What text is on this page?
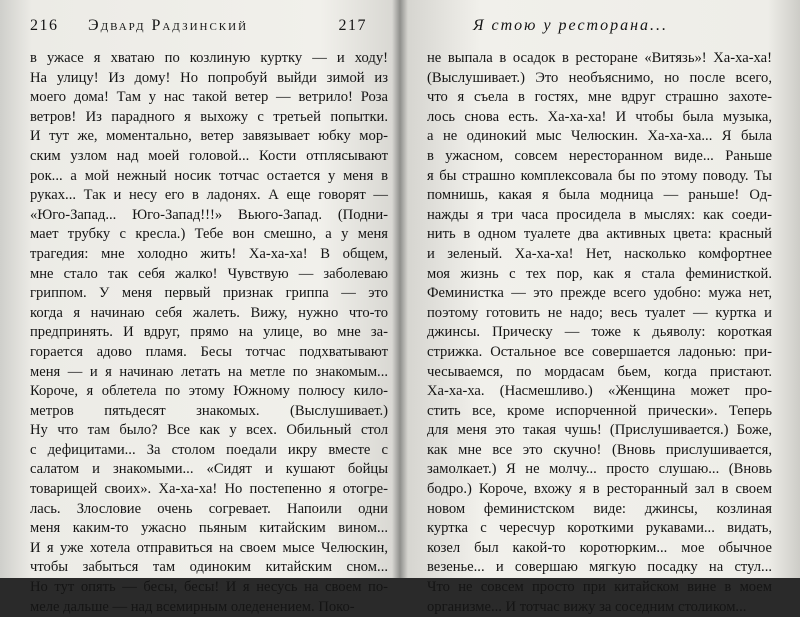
216 Эдвард Радзинский
в ужасе я хватаю по козлиную куртку — и ходу!
На улицу! Из дому! Но попробуй выйди зимой из
моего дома! Там у нас такой ветер — ветрило! Роза
ветров! Из парадного я выхожу с третьей попытки.
И тут же, моментально, ветер завязывает юбку мор-
ским узлом над моей головой... Кости отплясывают
рок... а мой нежный носик тотчас остается у меня в
руках... Так и несу его в ладонях. А еще говорят —
«Юго-Запад... Юго-Запад!!!» Вьюго-Запад. (Подни-
мает трубку с кресла.) Тебе вон смешно, а у меня
трагедия: мне холодно жить! Ха-ха-ха! В общем,
мне стало так себя жалко! Чувствую — заболеваю
гриппом. У меня первый признак гриппа — это
когда я начинаю себя жалеть. Вижу, нужно что-то
предпринять. И вдруг, прямо на улице, во мне за-
горается адово пламя. Бесы тотчас подхватывают
меня — и я начинаю летать на метле по знакомым...
Короче, я облетела по этому Южному полюсу кило-
метров пятьдесят знакомых. (Выслушивает.)
Ну что там было? Все как у всех. Обильный стол
с дефицитами... За столом поедали икру вместе с
салатом и знакомыми... «Сидят и кушают бойцы
товарищей своих». Ха-ха-ха! Но постепенно я отогре-
лась. Злословие очень согревает. Напоили одни
меня каким-то ужасно пьяным китайским вином...
И я уже хотела отправиться на своем мысе Челюскин,
чтобы забыться там одиноким китайским сном...
Но тут опять — бесы, бесы! И я несусь на своем по-
меле дальше — над всемирным оледенением. Поко-
Я стою у ресторана...
217
не выпала в осадок в ресторане «Витязь»! Ха-ха-ха!
(Выслушивает.) Это необъяснимо, но после всего,
что я съела в гостях, мне вдруг страшно захоте-
лось снова есть. Ха-ха-ха! И чтобы была музыка,
а не одинокий мыс Челюскин. Ха-ха-ха... Я была
в ужасном, совсем нересторанном виде... Раньше
я бы страшно комплексовала бы по этому поводу. Ты
помнишь, какая я была модница — раньше! Од-
нажды я три часа просидела в мыслях: как соеди-
нить в одном туалете два активных цвета: красный
и зеленый. Ха-ха-ха! Нет, насколько комфортнее
моя жизнь с тех пор, как я стала феминисткой.
Феминистка — это прежде всего удобно: мужа нет,
поэтому готовить не надо; весь туалет — куртка и
джинсы. Прическу — тоже к дьяволу: короткая
стрижка. Остальное все совершается ладонью: при-
чесываемся, по мордасам бьем, когда пристают.
Ха-ха-ха. (Насмешливо.) «Женщина может про-
стить все, кроме испорченной прически». Теперь
для меня это такая чушь! (Прислушивается.) Боже,
как мне все это скучно! (Вновь прислушивается,
замолкает.) Я не молчу... просто слушаю... (Вновь
бодро.) Короче, вхожу я в ресторанный зал в своем
новом феминистском виде: джинсы, козлиная
куртка с чересчур короткими рукавами... видать,
козел был какой-то коротюрким... мое обычное
везенье... и совершаю мягкую посадку на стул...
Что не совсем просто при китайском вине в моем
организме... И тотчас вижу за соседним столиком...
